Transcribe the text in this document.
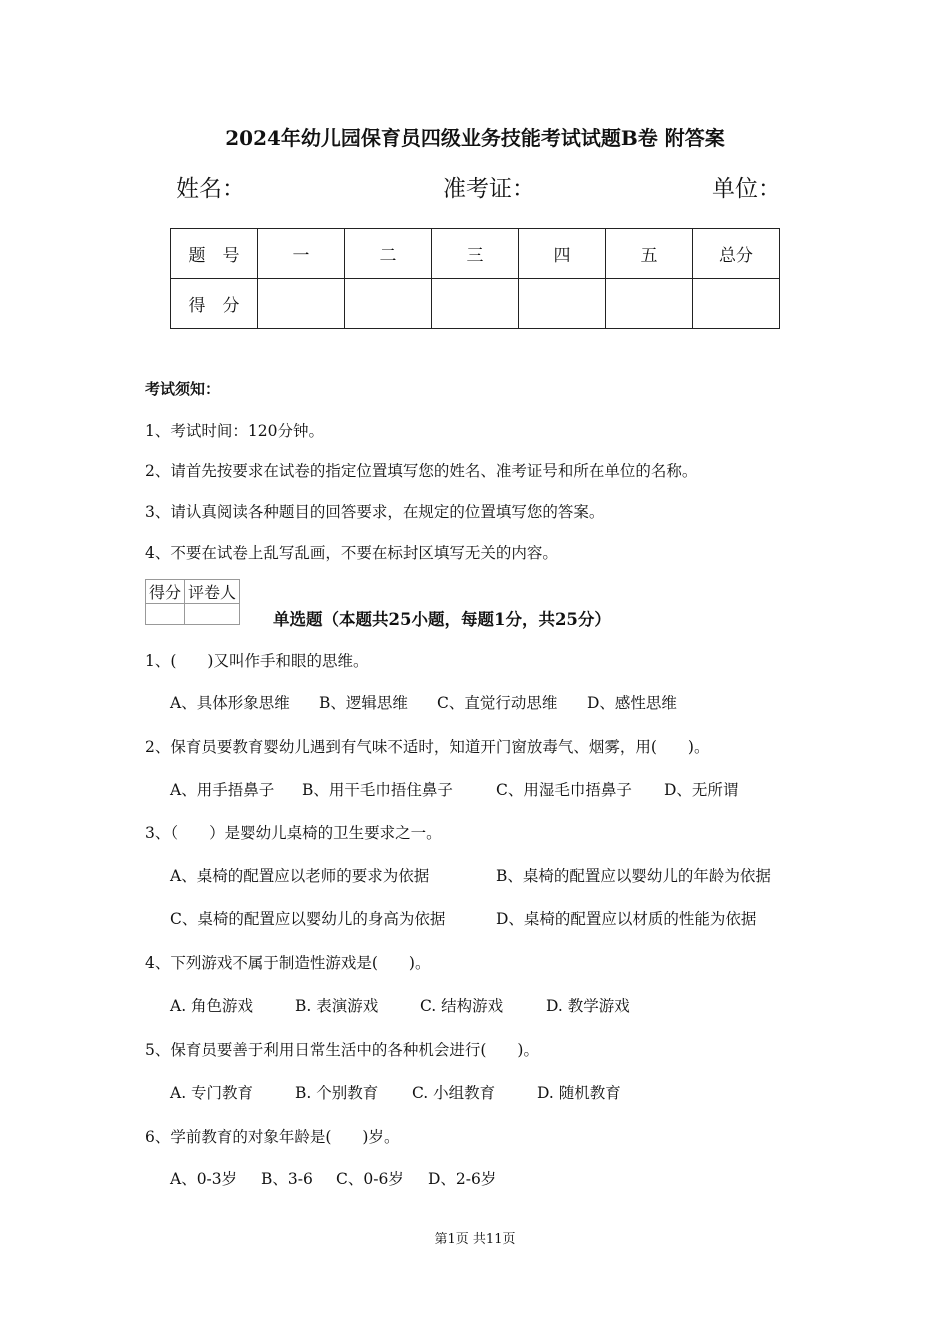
2024年幼儿园保育员四级业务技能考试试题B卷 附答案
姓名：	准考证：	单位：
题　号	一	二	三	四	五	总分
得　分						
考试须知：
1、考试时间：120分钟。
2、请首先按要求在试卷的指定位置填写您的姓名、准考证号和所在单位的名称。
3、请认真阅读各种题目的回答要求，在规定的位置填写您的答案。
4、不要在试卷上乱写乱画，不要在标封区填写无关的内容。
得分	评卷人

单选题（本题共25小题，每题1分，共25分）
1、(　　)又叫作手和眼的思维。
A、具体形象思维 B、逻辑思维 C、直觉行动思维 D、感性思维
2、保育员要教育婴幼儿遇到有气味不适时，知道开门窗放毒气、烟雾，用(　　)。
A、用手捂鼻子 B、用干毛巾捂住鼻子	C、用湿毛巾捂鼻子 D、无所谓
3、（　　）是婴幼儿桌椅的卫生要求之一。
A、桌椅的配置应以老师的要求为依据	B、桌椅的配置应以婴幼儿的年龄为依据
C、桌椅的配置应以婴幼儿的身高为依据	D、桌椅的配置应以材质的性能为依据
4、下列游戏不属于制造性游戏是(　　)。
A. 角色游戏	B. 表演游戏	C. 结构游戏	D. 教学游戏
5、保育员要善于利用日常生活中的各种机会进行(　　)。
A. 专门教育	B. 个别教育 C. 小组教育	D. 随机教育
6、学前教育的对象年龄是(　　)岁。
A、0-3岁 B、3-6 C、0-6岁 D、2-6岁
第1页 共11页
